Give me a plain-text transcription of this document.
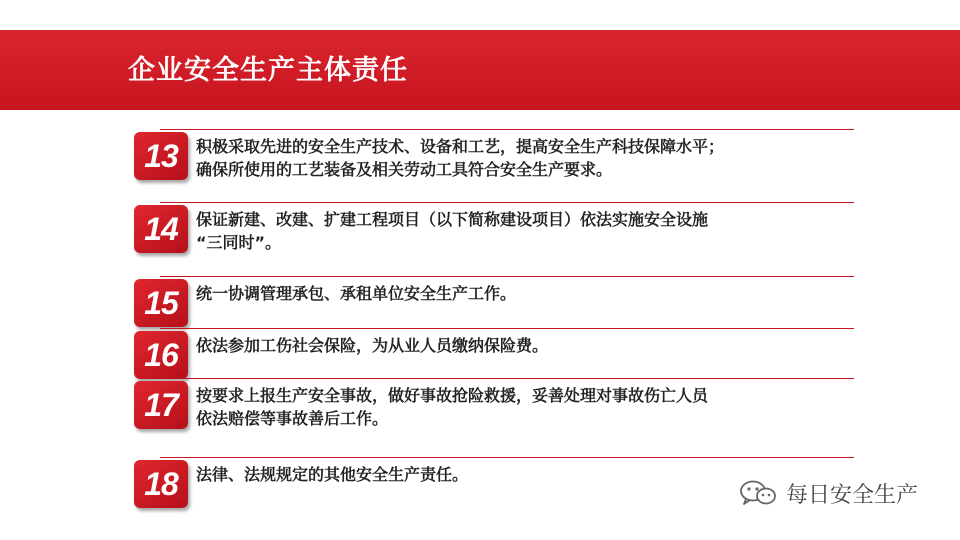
企业安全生产主体责任
13	积极采取先进的安全生产技术、设备和工艺，提高安全生产科技保障水平；
确保所使用的工艺装备及相关劳动工具符合安全生产要求。
14	保证新建、改建、扩建工程项目（以下简称建设项目）依法实施安全设施
“三同时”。
15	统一协调管理承包、承租单位安全生产工作。
16	依法参加工伤社会保险，为从业人员缴纳保险费。
17	按要求上报生产安全事故，做好事故抢险救援，妥善处理对事故伤亡人员
依法赔偿等事故善后工作。
18	法律、法规规定的其他安全生产责任。
每日安全生产
